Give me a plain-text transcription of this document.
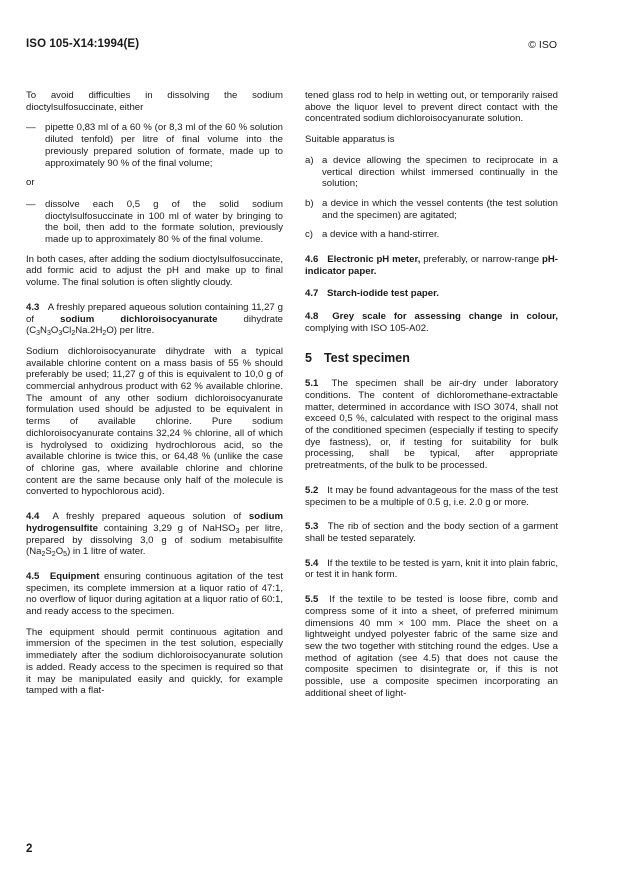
ISO 105-X14:1994(E)	© ISO

To avoid difficulties in dissolving the sodium dioctylsulfosuccinate, either

— pipette 0,83 ml of a 60 % (or 8,3 ml of the 60 % solution diluted tenfold) per litre of final volume into the previously prepared solution of formate, made up to approximately 90 % of the final volume;
or
— dissolve each 0,5 g of the solid sodium dioctylsulfosuccinate in 100 ml of water by bringing to the boil, then add to the formate solution, previously made up to approximately 80 % of the final volume.

In both cases, after adding the sodium dioctylsulfosuccinate, add formic acid to adjust the pH and make up to final volume. The final solution is often slightly cloudy.

4.3 A freshly prepared aqueous solution containing 11,27 g of	sodium dichloroisocyanurate	dihydrate $(C_3N_3O_3Cl_2Na.2H_2O)$ per litre.

Sodium dichloroisocyanurate dihydrate with a typical available chlorine content on a mass basis of 55 % should preferably be used; 11,27 g of this is equivalent to 10,0 g of commercial anhydrous product with 62 % available chlorine. The amount of any other sodium dichloroisocyanurate formulation used should be adjusted to be equivalent in terms of available chlorine. Pure sodium dichloroisocyanurate contains 32,24 % chlorine, all of which is hydrolysed to oxidizing hydrochlorous acid, so the available chlorine is twice this, or 64,48 % (unlike the case of chlorine gas, where available chlorine and chlorine content are the same because only half of the molecule is converted to hypochlorous acid).

4.4 A freshly prepared aqueous solution of sodium hydrogensulfite containing 3,29 g of NaHSO$_3$ per litre, prepared by dissolving 3,0 g of sodium metabisulfite $(Na_2S_2O_5)$ in 1 litre of water.

4.5 Equipment ensuring continuous agitation of the test specimen, its complete immersion at a liquor ratio of 47:1, no overflow of liquor during agitation at a liquor ratio of 60:1, and ready access to the specimen.

The equipment should permit continuous agitation and immersion of the specimen in the test solution, especially immediately after the sodium dichloroisocyanurate solution is added. Ready access to the specimen is required so that it may be manipulated easily and quickly, for example tamped with a flat-

tened glass rod to help in wetting out, or temporarily raised above the liquor level to prevent direct contact with the concentrated sodium dichloroisocyanurate solution.

Suitable apparatus is

a) a device allowing the specimen to reciprocate in a vertical direction whilst immersed continually in the solution;
b) a device in which the vessel contents (the test solution and the specimen) are agitated;
c) a device with a hand-stirrer.

4.6 Electronic pH meter, preferably, or narrow-range pH-indicator paper.

4.7 Starch-iodide test paper.

4.8 Grey scale for assessing change in colour, complying with ISO 105-A02.

5 Test specimen

5.1 The specimen shall be air-dry under laboratory conditions. The content of dichloromethane-extractable matter, determined in accordance with ISO 3074, shall not exceed 0,5 %, calculated with respect to the original mass of the conditioned specimen (especially if testing to specify dye fastness), or, if testing for suitability for bulk processing, shall be typical, after appropriate pretreatments, of the bulk to be processed.

5.2 It may be found advantageous for the mass of the test specimen to be a multiple of 0.5 g, i.e. 2.0 g or more.

5.3 The rib of section and the body section of a garment shall be tested separately.

5.4 If the textile to be tested is yarn, knit it into plain fabric, or test it in hank form.

5.5 If the textile to be tested is loose fibre, comb and compress some of it into a sheet, of preferred minimum dimensions 40 mm × 100 mm. Place the sheet on a lightweight undyed polyester fabric of the same size and sew the two together with stitching round the edges. Use a method of agitation (see 4.5) that does not cause the composite specimen to disintegrate or, if this is not possible, use a composite specimen incorporating an additional sheet of light-

2
